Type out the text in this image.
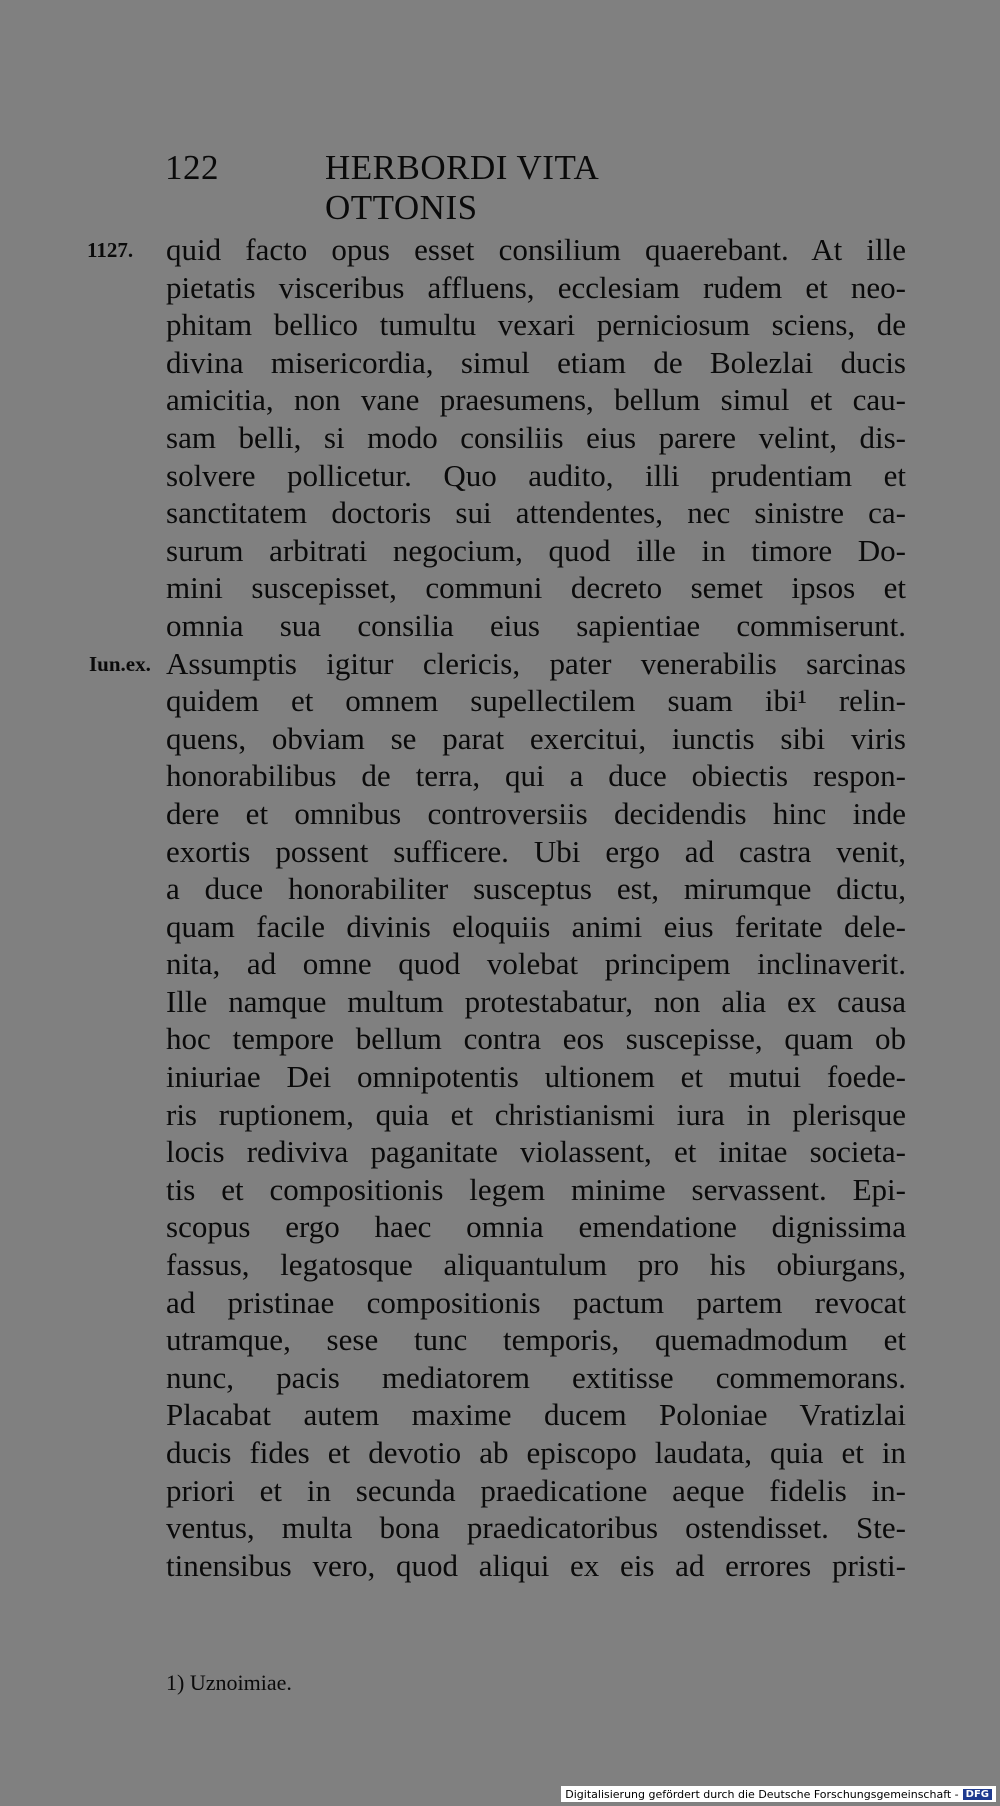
122	HERBORDI VITA OTTONIS
1127.
Iun.ex.
quid facto opus esset consilium quaerebant. At ille
pietatis visceribus affluens, ecclesiam rudem et neo-
phitam bellico tumultu vexari perniciosum sciens, de
divina misericordia, simul etiam de Bolezlai ducis
amicitia, non vane praesumens, bellum simul et cau-
sam belli, si modo consiliis eius parere velint, dis-
solvere pollicetur. Quo audito, illi prudentiam et
sanctitatem doctoris sui attendentes, nec sinistre ca-
surum arbitrati negocium, quod ille in timore Do-
mini suscepisset, communi decreto semet ipsos et
omnia sua consilia eius sapientiae commiserunt.
Assumptis igitur clericis, pater venerabilis sarcinas
quidem et omnem supellectilem suam ibi¹ relin-
quens, obviam se parat exercitui, iunctis sibi viris
honorabilibus de terra, qui a duce obiectis respon-
dere et omnibus controversiis decidendis hinc inde
exortis possent sufficere. Ubi ergo ad castra venit,
a duce honorabiliter susceptus est, mirumque dictu,
quam facile divinis eloquiis animi eius feritate dele-
nita, ad omne quod volebat principem inclinaverit.
Ille namque multum protestabatur, non alia ex causa
hoc tempore bellum contra eos suscepisse, quam ob
iniuriae Dei omnipotentis ultionem et mutui foede-
ris ruptionem, quia et christianismi iura in plerisque
locis rediviva paganitate violassent, et initae societa-
tis et compositionis legem minime servassent. Epi-
scopus ergo haec omnia emendatione dignissima
fassus, legatosque aliquantulum pro his obiurgans,
ad pristinae compositionis pactum partem revocat
utramque, sese tunc temporis, quemadmodum et
nunc, pacis mediatorem extitisse commemorans.
Placabat autem maxime ducem Poloniae Vratizlai
ducis fides et devotio ab episcopo laudata, quia et in
priori et in secunda praedicatione aeque fidelis in-
ventus, multa bona praedicatoribus ostendisset. Ste-
tinensibus vero, quod aliqui ex eis ad errores pristi-
1) Uznoimiae.
Digitalisierung gefördert durch die Deutsche Forschungsgemeinschaft - DFG
